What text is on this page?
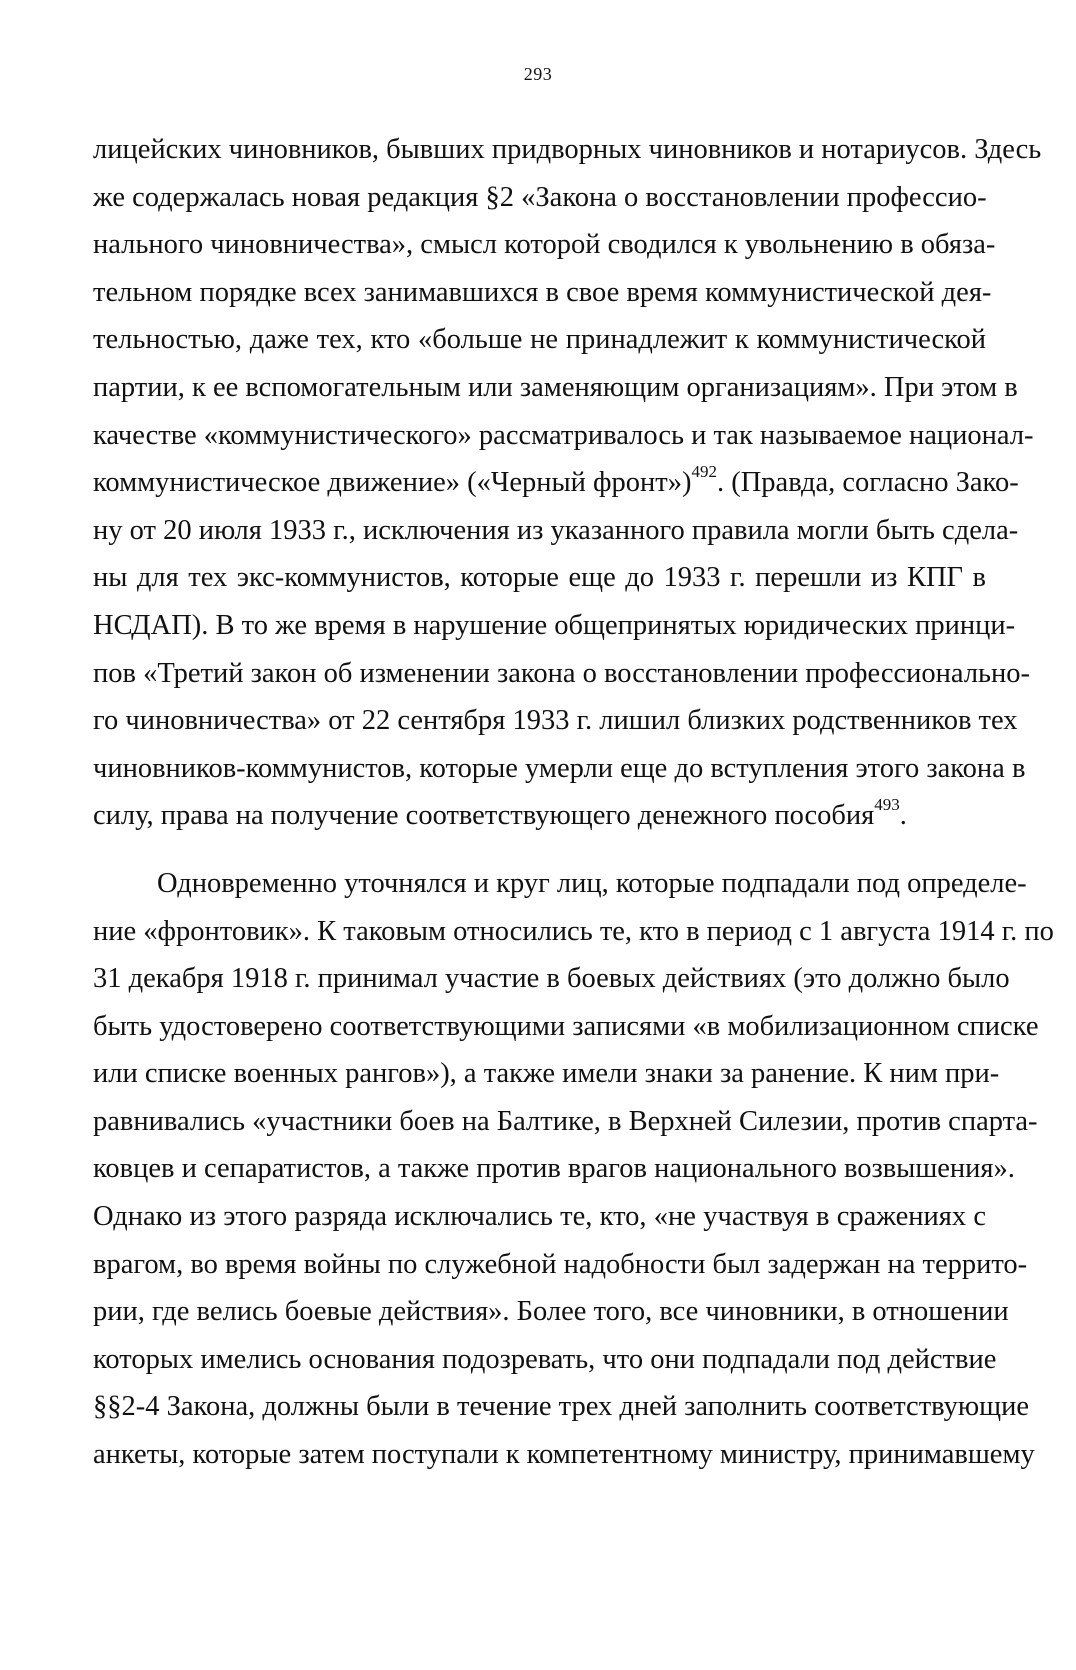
293
лицейских чиновников, бывших придворных чиновников и нотариусов. Здесь
же содержалась новая редакция §2 «Закона о восстановлении профессио-
нального чиновничества», смысл которой сводился к увольнению в обяза-
тельном порядке всех занимавшихся в свое время коммунистической дея-
тельностью, даже тех, кто «больше не принадлежит к коммунистической
партии, к ее вспомогательным или заменяющим организациям». При этом в
качестве «коммунистического» рассматривалось и так называемое национал-
коммунистическое движение» («Черный фронт»)$^{492}$. (Правда, согласно Зако-
ну от 20 июля 1933 г., исключения из указанного правила могли быть сдела-
ны для тех экс-коммунистов, которые еще до 1933 г. перешли из КПГ в
НСДАП). В то же время в нарушение общепринятых юридических принци-
пов «Третий закон об изменении закона о восстановлении профессионально-
го чиновничества» от 22 сентября 1933 г. лишил близких родственников тех
чиновников-коммунистов, которые умерли еще до вступления этого закона в
силу, права на получение соответствующего денежного пособия$^{493}$.
Одновременно уточнялся и круг лиц, которые подпадали под определе-
ние «фронтовик». К таковым относились те, кто в период с 1 августа 1914 г. по
31 декабря 1918 г. принимал участие в боевых действиях (это должно было
быть удостоверено соответствующими записями «в мобилизационном списке
или списке военных рангов»), а также имели знаки за ранение. К ним при-
равнивались «участники боев на Балтике, в Верхней Силезии, против спарта-
ковцев и сепаратистов, а также против врагов национального возвышения».
Однако из этого разряда исключались те, кто, «не участвуя в сражениях с
врагом, во время войны по служебной надобности был задержан на террито-
рии, где велись боевые действия». Более того, все чиновники, в отношении
которых имелись основания подозревать, что они подпадали под действие
§§2-4 Закона, должны были в течение трех дней заполнить соответствующие
анкеты, которые затем поступали к компетентному министру, принимавшему
